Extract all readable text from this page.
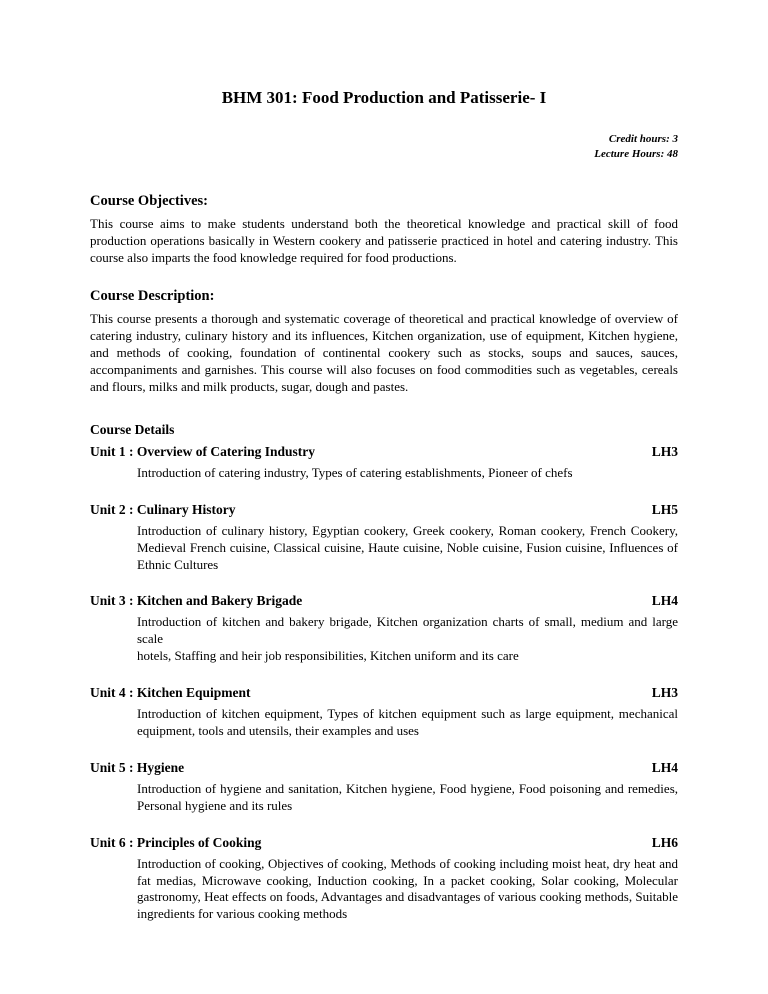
BHM 301: Food Production and Patisserie- I
Credit hours: 3
Lecture Hours: 48
Course Objectives:

This course aims to make students understand both the theoretical knowledge and practical skill of food production operations basically in Western cookery and patisserie practiced in hotel and catering industry. This course also imparts the food knowledge required for food productions.

Course Description:

This course presents a thorough and systematic coverage of theoretical and practical knowledge of overview of catering industry, culinary history and its influences, Kitchen organization, use of equipment, Kitchen hygiene, and methods of cooking, foundation of continental cookery such as stocks, soups and sauces, sauces, accompaniments and garnishes. This course will also focuses on food commodities such as vegetables, cereals and flours, milks and milk products, sugar, dough and pastes.

Course Details
Unit 1 : Overview of Catering Industry	LH3

Introduction of catering industry, Types of catering establishments, Pioneer of chefs

Unit 2 : Culinary History	LH5

Introduction of culinary history, Egyptian cookery, Greek cookery, Roman cookery, French Cookery, Medieval French cuisine, Classical cuisine, Haute cuisine, Noble cuisine, Fusion cuisine, Influences of Ethnic Cultures

Unit 3 : Kitchen and Bakery Brigade	LH4

Introduction of kitchen and bakery brigade, Kitchen organization charts of small, medium and large scale

hotels, Staffing and heir job responsibilities, Kitchen uniform and its care

Unit 4 : Kitchen Equipment	LH3

Introduction of kitchen equipment, Types of kitchen equipment such as large equipment, mechanical equipment, tools and utensils, their examples and uses

Unit 5 : Hygiene	LH4

Introduction of hygiene and sanitation, Kitchen hygiene, Food hygiene, Food poisoning and remedies, Personal hygiene and its rules

Unit 6 : Principles of Cooking	LH6

Introduction of cooking, Objectives of cooking, Methods of cooking including moist heat, dry heat and fat medias, Microwave cooking, Induction cooking, In a packet cooking, Solar cooking, Molecular gastronomy, Heat effects on foods, Advantages and disadvantages of various cooking methods, Suitable ingredients for various cooking methods
